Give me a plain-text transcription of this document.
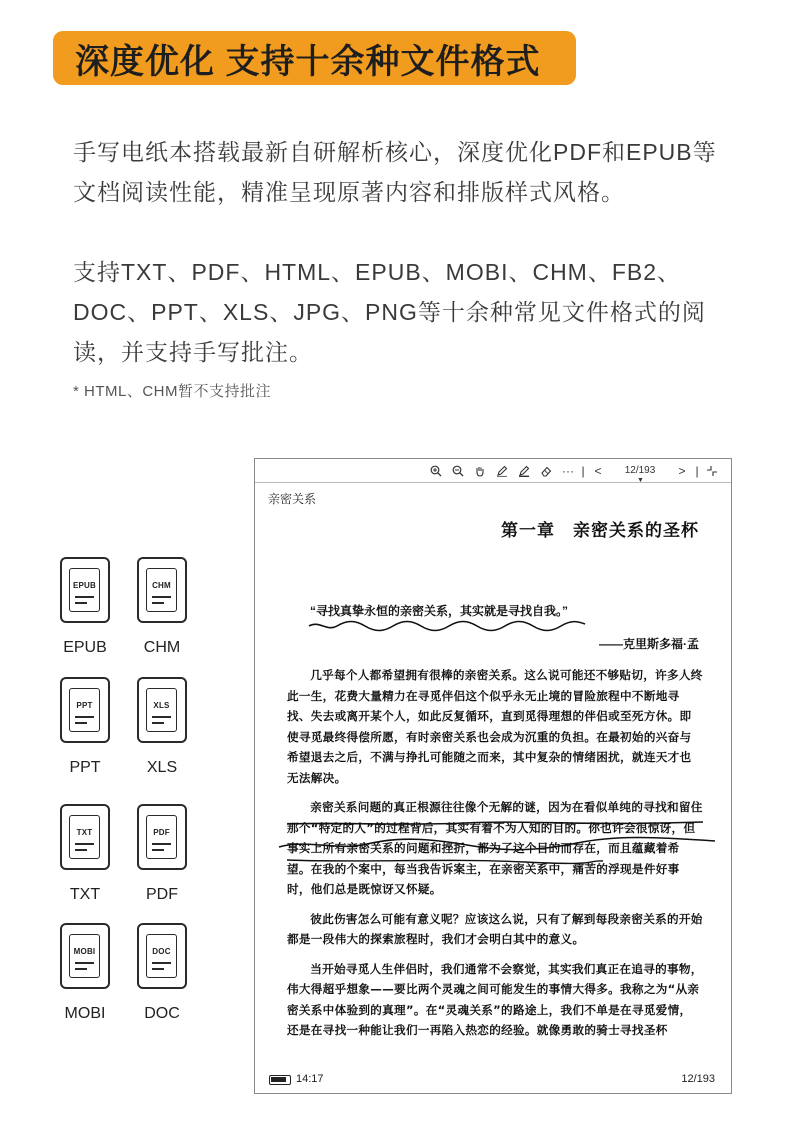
深度优化 支持十余种文件格式
手写电纸本搭载最新自研解析核心，深度优化PDF和EPUB等文档阅读性能，精准呈现原著内容和排版样式风格。
支持TXT、PDF、HTML、EPUB、MOBI、CHM、FB2、DOC、PPT、XLS、JPG、PNG等十余种常见文件格式的阅读，并支持手写批注。
* HTML、CHM暂不支持批注
EPUB
EPUB
CHM
CHM
PPT
PPT
XLS
XLS
TXT
TXT
PDF
PDF
MOBI
MOBI
DOC
DOC
··· | <	12/193
▼
> |
亲密关系
第一章 亲密关系的圣杯
“寻找真挚永恒的亲密关系，其实就是寻找自我。”
——克里斯多福·孟

几乎每个人都希望拥有很棒的亲密关系。这么说可能还不够贴切，许多人终此一生，花费大量精力在寻觅伴侣这个似乎永无止境的冒险旅程中不断地寻找、失去或离开某个人，如此反复循环，直到觅得理想的伴侣或至死方休。即使寻觅最终得偿所愿，有时亲密关系也会成为沉重的负担。在最初始的兴奋与希望退去之后，不满与挣扎可能随之而来，其中复杂的情绪困扰，就连天才也无法解决。

亲密关系问题的真正根源往往像个无解的谜，因为在看似单纯的寻找和留住那个“特定的人”的过程背后，其实有着不为人知的目的。你也许会很惊讶，但事实上所有亲密关系的问题和挫折，都为了这个目的而存在，而且蕴藏着希望。在我的个案中，每当我告诉案主，在亲密关系中，痛苦的浮现是件好事时，他们总是既惊讶又怀疑。

彼此伤害怎么可能有意义呢？应该这么说，只有了解到每段亲密关系的开始都是一段伟大的探索旅程时，我们才会明白其中的意义。

当开始寻觅人生伴侣时，我们通常不会察觉，其实我们真正在追寻的事物，伟大得超乎想象——要比两个灵魂之间可能发生的事情大得多。我称之为“从亲密关系中体验到的真理”。在“灵魂关系”的路途上，我们不单是在寻觅爱情，还是在寻找一种能让我们一再陷入热恋的经验。就像勇敢的骑士寻找圣杯

14:17	12/193
